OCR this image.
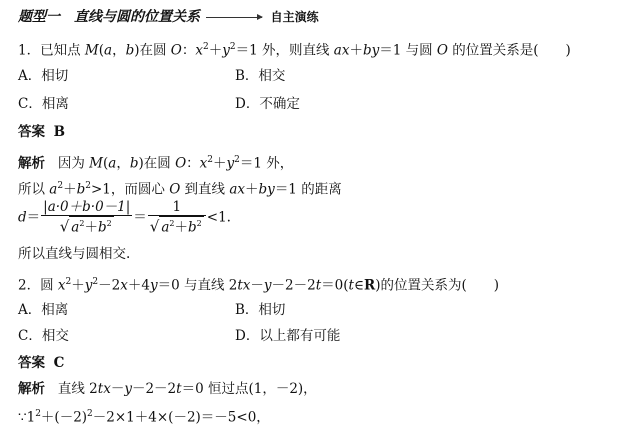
题型一　直线与圆的位置关系	自主演练
1．已知点 M(a，b)在圆 O：$x^2+y^2=1$ 外，则直线 ax＋by＝1 与圆 O 的位置关系是(　　)
A．相切	B．相交
C．相离	D．不确定
答案 B
解析 因为 M(a，b)在圆 O：$x^2+y^2=1$ 外，
所以 $a^2+b^2>1$，而圆心 O 到直线 ax＋by＝1 的距离
$d= \frac{|a\cdot 0+b\cdot 0-1|}{√ a^2+b^2} = \frac{1}{√ a^2+b^2} <1$.
所以直线与圆相交.
2．圆 $x^2+y^2-2x+4y=0$ 与直线 2tx－y－2－2t＝0(t∈R)的位置关系为(　　)
A．相离	B．相切
C．相交	D．以上都有可能
答案 C
解析 直线 2tx－y－2－2t＝0 恒过点(1，－2)，
$\because 1^2+(-2)^2-2\times 1+4\times(-2)=-5<0$，
